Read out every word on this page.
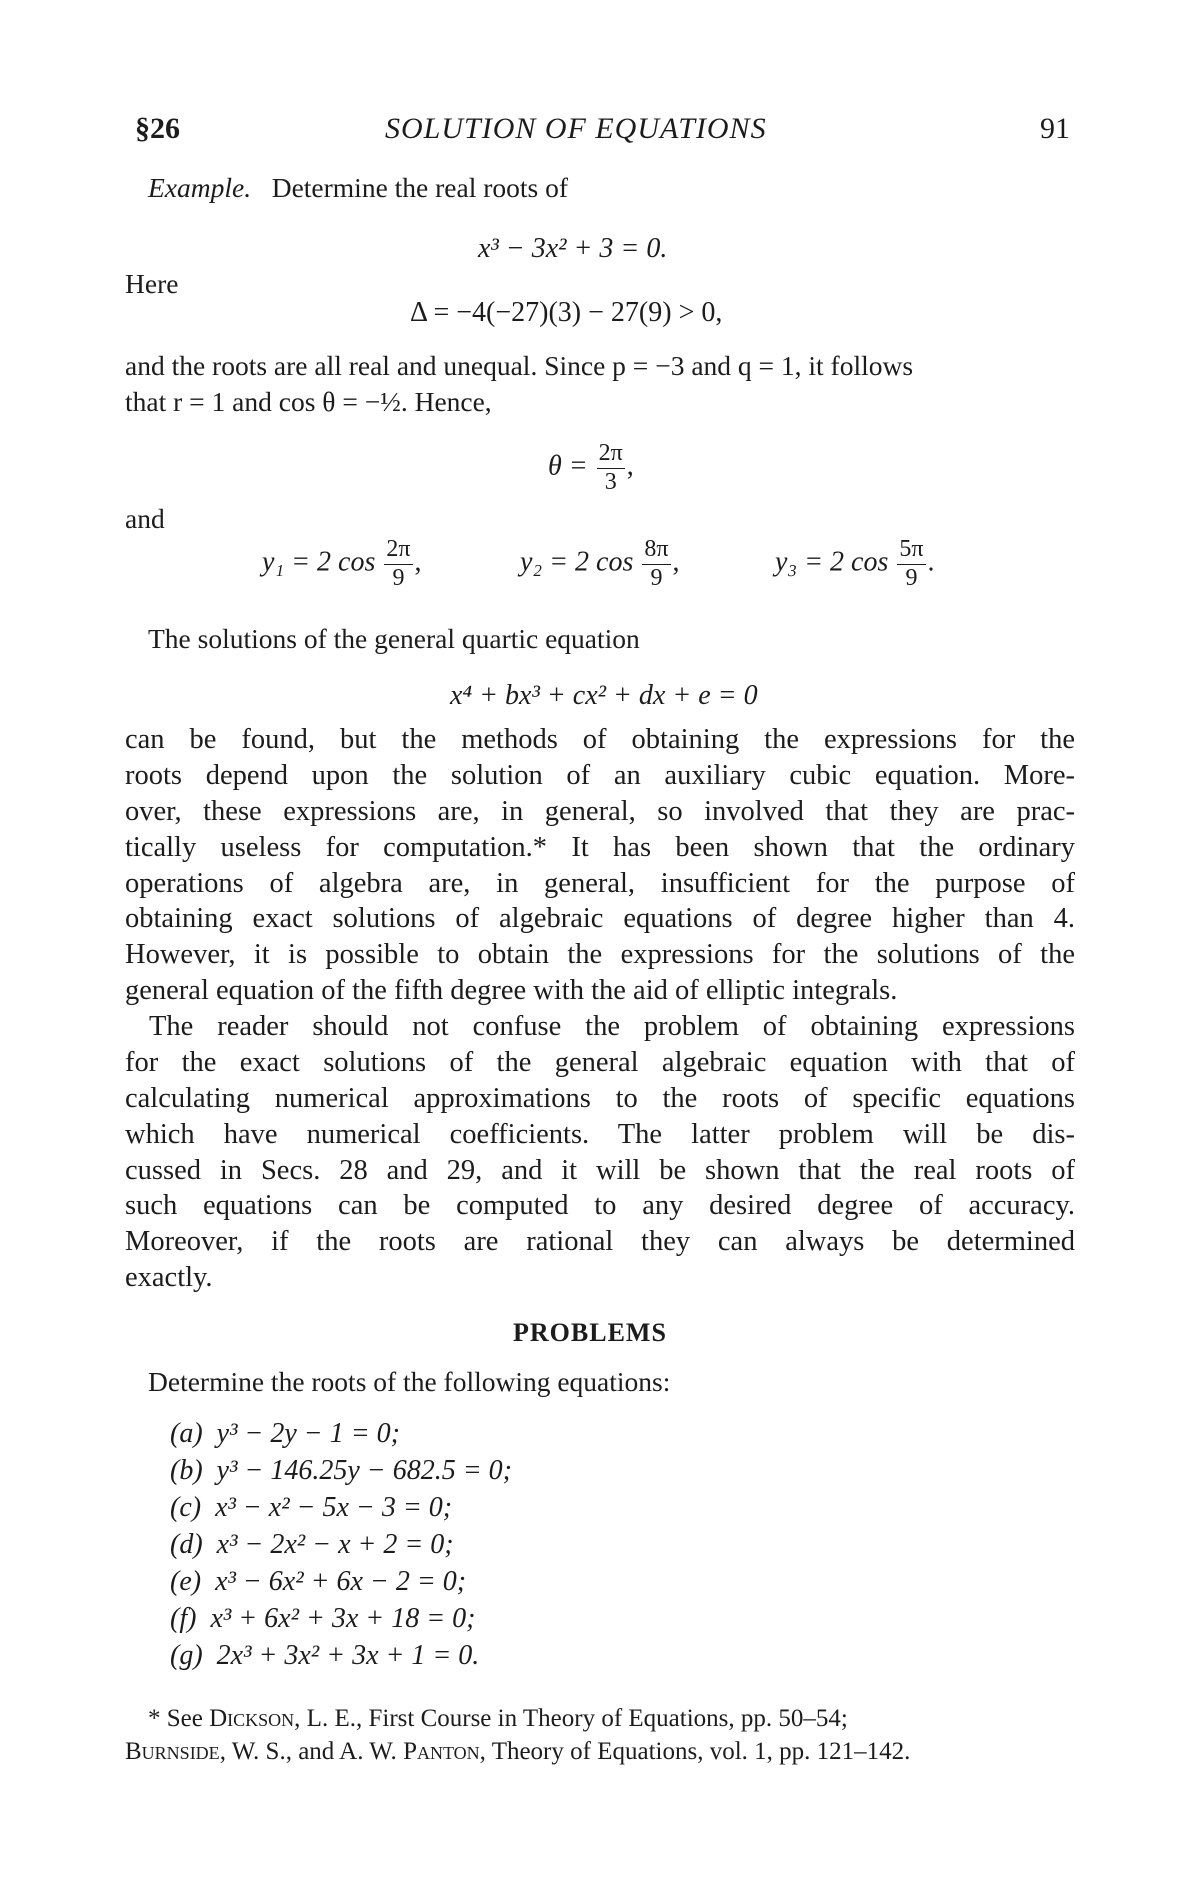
§26	SOLUTION OF EQUATIONS	91
Example. Determine the real roots of
x³ − 3x² + 3 = 0.
Here
Δ = −4(−27)(3) − 27(9) > 0,
and the roots are all real and unequal. Since p = −3 and q = 1, it follows
that r = 1 and cos θ = −½. Hence,
$\theta = \frac{2\pi}{3}$ ,
and
y₁ = 2 $\cos \frac{2\pi}{9}$ ,	y₂ = 2 $\cos \frac{8\pi}{9}$ ,	y₃ = 2 $\cos \frac{5\pi}{9}$ .
The solutions of the general quartic equation
x⁴ + bx³ + cx² + dx + e = 0
can be found, but the methods of obtaining the expressions for the
roots depend upon the solution of an auxiliary cubic equation. More-
over, these expressions are, in general, so involved that they are prac-
tically useless for computation.* It has been shown that the ordinary
operations of algebra are, in general, insufficient for the purpose of
obtaining exact solutions of algebraic equations of degree higher than 4.
However, it is possible to obtain the expressions for the solutions of the
general equation of the fifth degree with the aid of elliptic integrals.
The reader should not confuse the problem of obtaining expressions
for the exact solutions of the general algebraic equation with that of
calculating numerical approximations to the roots of specific equations
which have numerical coefficients. The latter problem will be dis-
cussed in Secs. 28 and 29, and it will be shown that the real roots of
such equations can be computed to any desired degree of accuracy.
Moreover, if the roots are rational they can always be determined
exactly.
PROBLEMS
Determine the roots of the following equations:
(a) y³ − 2y − 1 = 0;
(b) y³ − 146.25y − 682.5 = 0;
(c) x³ − x² − 5x − 3 = 0;
(d) x³ − 2x² − x + 2 = 0;
(e) x³ − 6x² + 6x − 2 = 0;
(f) x³ + 6x² + 3x + 18 = 0;
(g) 2x³ + 3x² + 3x + 1 = 0.
* See Dickson, L. E., First Course in Theory of Equations, pp. 50–54;
Burnside, W. S., and A. W. Panton, Theory of Equations, vol. 1, pp. 121–142.
